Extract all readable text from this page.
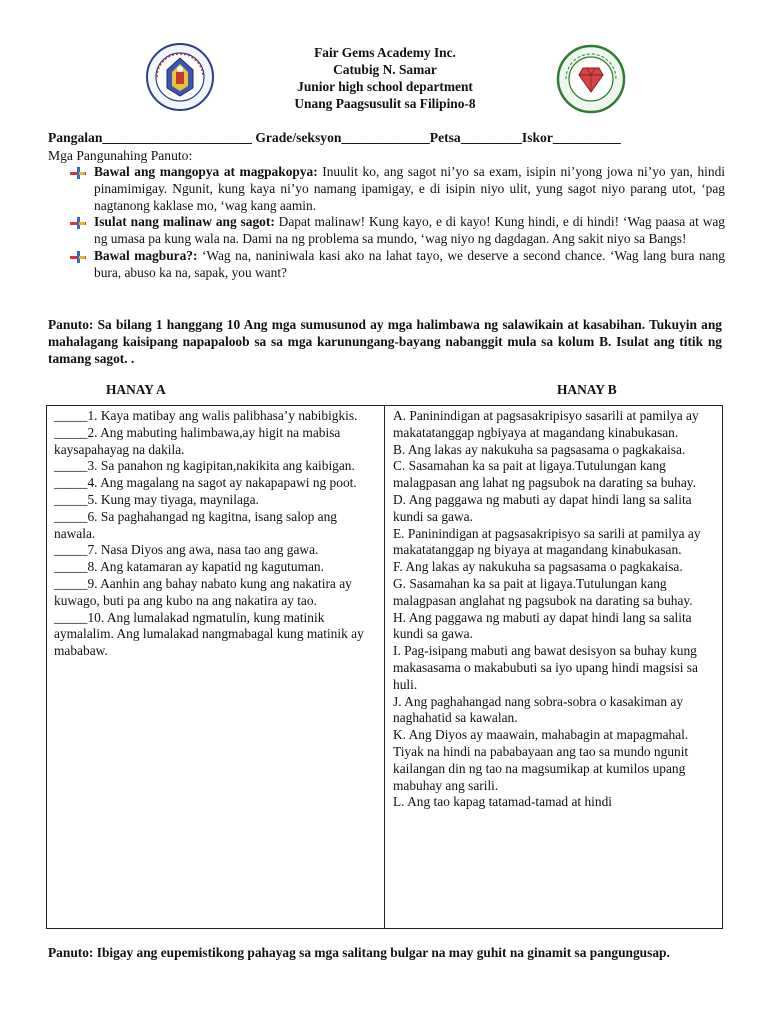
Fair Gems Academy Inc.
Catubig N. Samar
Junior high school department
Unang Paagsusulit sa Filipino-8
Pangalan______________________ Grade/seksyon_____________Petsa_________Iskor__________
Mga Pangunahing Panuto:
Bawal ang mangopya at magpakopya: Inuulit ko, ang sagot ni’yo sa exam, isipin ni’yong jowa ni’yo yan, hindi pinamimigay. Ngunit, kung kaya ni’yo namang ipamigay, e di isipin niyo ulit, yung sagot niyo parang utot, ‘pag nagtanong kaklase mo, ‘wag kang aamin.
Isulat nang malinaw ang sagot: Dapat malinaw! Kung kayo, e di kayo! Kung hindi, e di hindi! ‘Wag paasa at wag ng umasa pa kung wala na. Dami na ng problema sa mundo, ‘wag niyo ng dagdagan. Ang sakit niyo sa Bangs!
Bawal magbura?: ‘Wag na, naniniwala kasi ako na lahat tayo, we deserve a second chance. ‘Wag lang bura nang bura, abuso ka na, sapak, you want?
Panuto: Sa bilang 1 hanggang 10 Ang mga sumusunod ay mga halimbawa ng salawikain at kasabihan. Tukuyin ang mahalagang kaisipang napapaloob sa sa mga karunungang-bayang nabanggit mula sa kolum B. Isulat ang titik ng tamang sagot. .
HANAY A	HANAY B

_____1. Kaya matibay ang walis palibhasa’y nabibigkis.

_____2. Ang mabuting halimbawa,ay higit na mabisa kaysapahayag na dakila.

_____3. Sa panahon ng kagipitan,nakikita ang kaibigan.

_____4. Ang magalang na sagot ay nakapapawi ng poot.

_____5. Kung may tiyaga, maynilaga.

_____6. Sa paghahangad ng kagitna, isang salop ang nawala.

_____7. Nasa Diyos ang awa, nasa tao ang gawa.

_____8. Ang katamaran ay kapatid ng kagutuman.

_____9. Aanhin ang bahay nabato kung ang nakatira ay kuwago, buti pa ang kubo na ang nakatira ay tao.

_____10. Ang lumalakad ngmatulin, kung matinik aymalalim. Ang lumalakad nangmabagal kung matinik ay mababaw.

A. Paninindigan at pagsasakripisyo sasarili at pamilya ay makatatanggap ngbiyaya at magandang kinabukasan.

B. Ang lakas ay nakukuha sa pagsasama o pagkakaisa.

C. Sasamahan ka sa pait at ligaya.Tutulungan kang malagpasan ang lahat ng pagsubok na darating sa buhay.

D. Ang paggawa ng mabuti ay dapat hindi lang sa salita kundi sa gawa.

E. Paninindigan at pagsasakripisyo sa sarili at pamilya ay makatatanggap ng biyaya at magandang kinabukasan.

F. Ang lakas ay nakukuha sa pagsasama o pagkakaisa.

G. Sasamahan ka sa pait at ligaya.Tutulungan kang malagpasan anglahat ng pagsubok na darating sa buhay.

H. Ang paggawa ng mabuti ay dapat hindi lang sa salita kundi sa gawa.

I. Pag-isipang mabuti ang bawat desisyon sa buhay kung makasasama o makabubuti sa iyo upang hindi magsisi sa huli.

J. Ang paghahangad nang sobra-sobra o kasakiman ay naghahatid sa kawalan.

K. Ang Diyos ay maawain, mahabagin at mapagmahal. Tiyak na hindi na pababayaan ang tao sa mundo ngunit kailangan din ng tao na magsumikap at kumilos upang mabuhay ang sarili.

L. Ang tao kapag tatamad-tamad at hindi

Panuto: Ibigay ang eupemistikong pahayag sa mga salitang bulgar na may guhit na ginamit sa pangungusap.
